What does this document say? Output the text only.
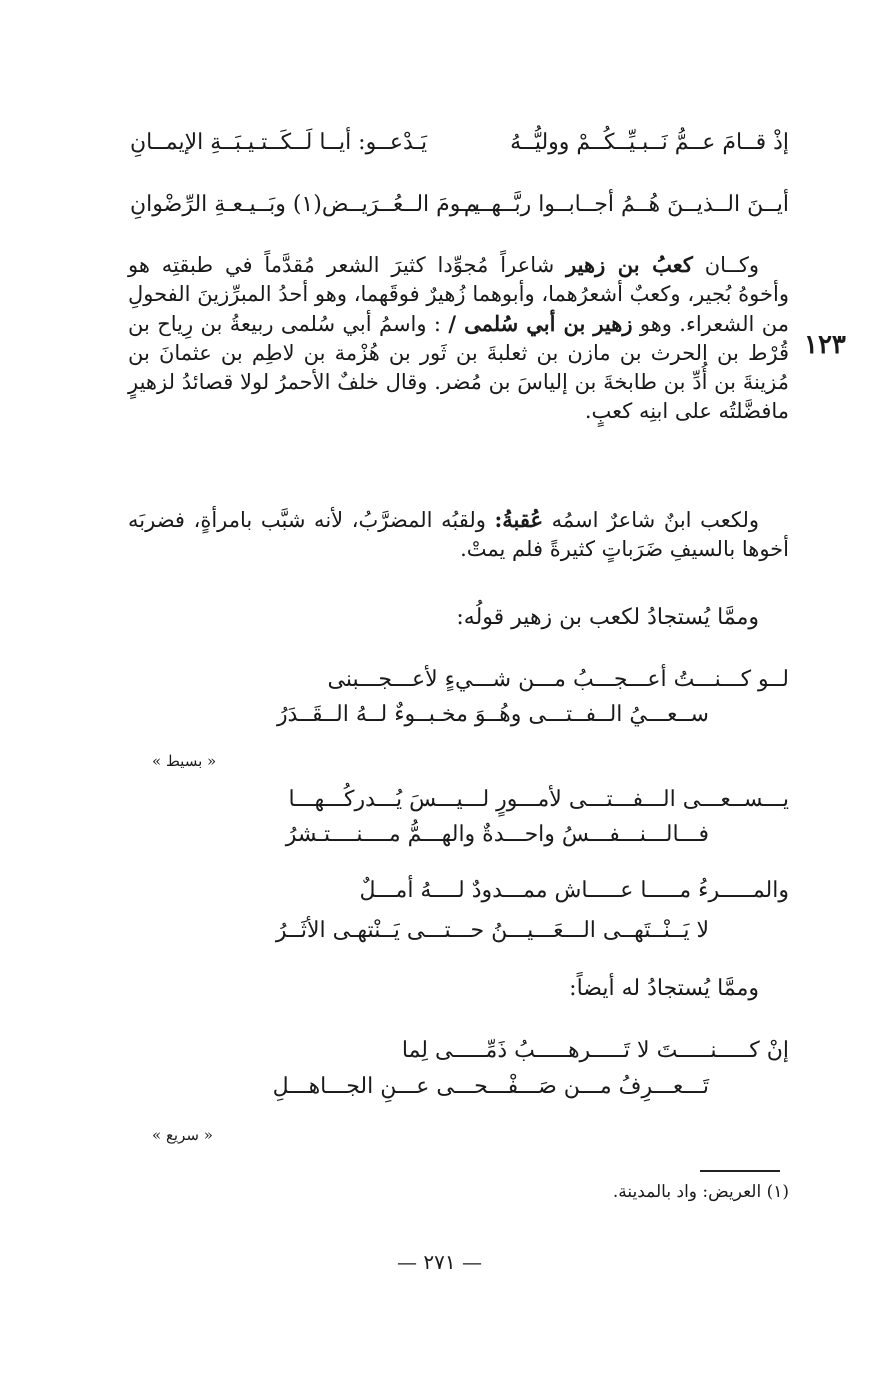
إذْ قــامَ عــمُّ نَــبـيِّــكُــمْ ووليُّــهُ
يَـدْعــو: أيــا لَــكَــتـيـبَــةِ الإيمــانِ
أيــنَ الــذيــنَ هُــمُ أجــابــوا ربَّــهــم
يــومَ الــعُــرَيــض(١) وبَــيـعـةِ الرِّضْوانِ
وكــان كعبُ بن زهير شاعراً مُجوِّدا كثيرَ الشعر مُقدَّماً في طبقتِه هو وأخوهُ بُجير، وكعبٌ أشعرُهما، وأبوهما زُهيرٌ فوقَهما، وهو أحدُ المبرِّزينَ الفحولِ من الشعراء. وهو زهير بن أبي سُلمى / : واسمُ أبي سُلمى ربيعةُ بن رِياح بن قُرْط بن الحرث بن مازن بن ثعلبةَ بن ثَور بن هُزْمة بن لاطِم بن عثمانَ بن مُزينةَ بن أُدِّ بن طابخةَ بن إلياسَ بن مُضر. وقال خلفٌ الأحمرُ لولا قصائدُ لزهيرٍ مافضَّلتُه على ابنِه كعبٍ.
١٢٣
ولكعب ابنٌ شاعرٌ اسمُه عُقبةُ: ولقبُه المضرَّبُ، لأنه شبَّب بامرأةٍ، فضربَه أخوها بالسيفِ ضَرَباتٍ كثيرةً فلم يمتْ.
وممَّا يُستجادُ لكعب بن زهير قولُه:
لــو كـــنـــتُ أعـــجـــبُ مـــن شـــيءٍ لأعـــجـــبنى
ســعـــيُ الــفــتـــى وهُــوَ مخـبــوءٌ لــهُ الــقَــدَرُ
« بسيط »
يـــســعـــى الـــفـــتـــى لأمـــورٍ لـــيـــسَ يُـــدركُـــهـــا
فـــالـــنـــفـــسُ واحـــدةٌ والهـــمُّ مــــنــــتـشرُ
والمـــــرءُ مـــــا عـــــاش ممـــدودٌ لــــهُ أمـــلٌ
لا يَــنْــتَهــى الـــعَـــيـــنُ حـــتـــى يَــنْتهـى الأثَــرُ
وممَّا يُستجادُ له أيضاً:
إنْ كـــــنـــــتَ لا تَـــــرهـــــبُ ذَمِّـــــى لِما
تَـــعـــرِفُ مـــن صَـــفْـــحـــى عـــنِ الجـــاهـــلِ
« سريع »
(١) العريض: واد بالمدينة.
— ٢٧١ —
